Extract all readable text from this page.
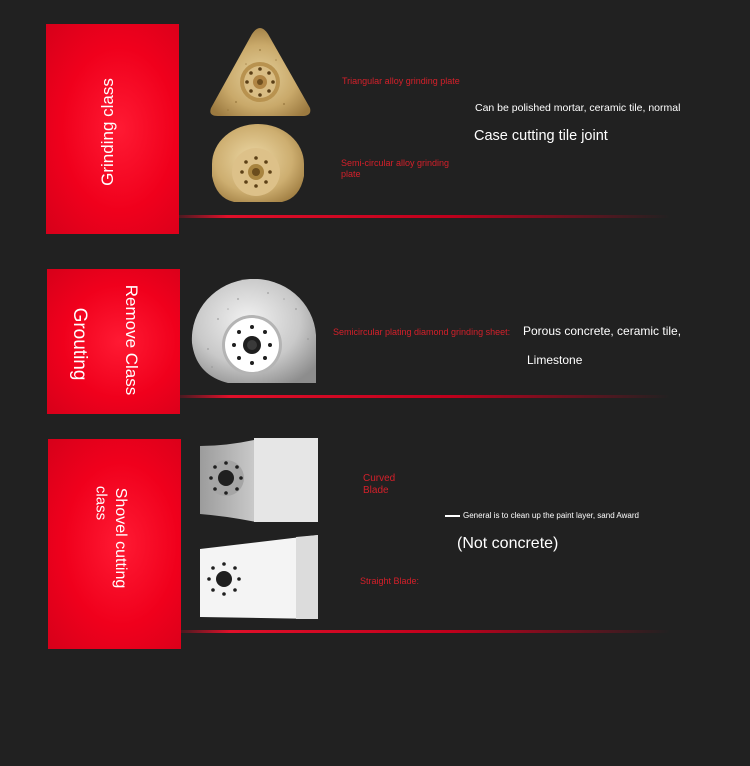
Grinding class	Triangular alloy grinding plate
Semi-circular alloy grinding plate
Can be polished mortar, ceramic tile, normal
Case cutting tile joint
Remove Class
Grouting	Semicircular plating diamond grinding sheet: Porous concrete, ceramic tile,
Limestone
Shovel cutting
class
Curved Blade
Straight Blade:
General is to clean up the paint layer, sand Award
(Not concrete)
